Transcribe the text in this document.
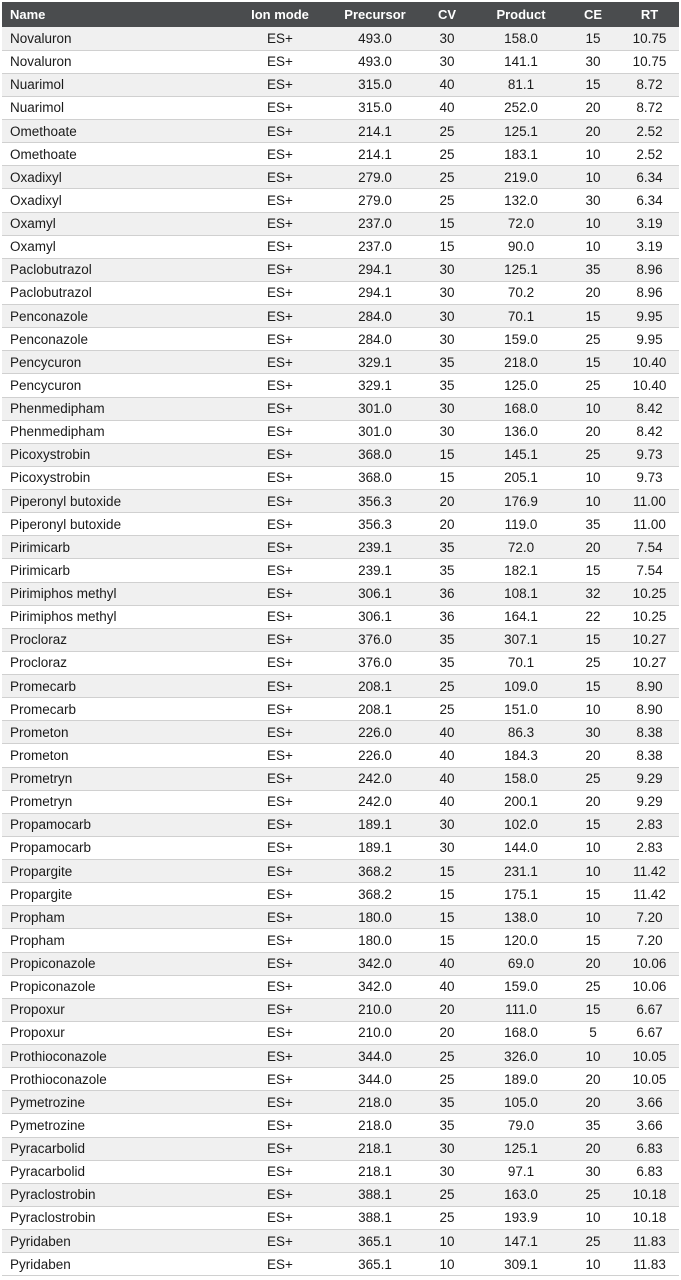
Name	Ion mode	Precursor	CV	Product	CE	RT
Novaluron	ES+	493.0	30	158.0	15	10.75
Novaluron	ES+	493.0	30	141.1	30	10.75
Nuarimol	ES+	315.0	40	81.1	15	8.72
Nuarimol	ES+	315.0	40	252.0	20	8.72
Omethoate	ES+	214.1	25	125.1	20	2.52
Omethoate	ES+	214.1	25	183.1	10	2.52
Oxadixyl	ES+	279.0	25	219.0	10	6.34
Oxadixyl	ES+	279.0	25	132.0	30	6.34
Oxamyl	ES+	237.0	15	72.0	10	3.19
Oxamyl	ES+	237.0	15	90.0	10	3.19
Paclobutrazol	ES+	294.1	30	125.1	35	8.96
Paclobutrazol	ES+	294.1	30	70.2	20	8.96
Penconazole	ES+	284.0	30	70.1	15	9.95
Penconazole	ES+	284.0	30	159.0	25	9.95
Pencycuron	ES+	329.1	35	218.0	15	10.40
Pencycuron	ES+	329.1	35	125.0	25	10.40
Phenmedipham	ES+	301.0	30	168.0	10	8.42
Phenmedipham	ES+	301.0	30	136.0	20	8.42
Picoxystrobin	ES+	368.0	15	145.1	25	9.73
Picoxystrobin	ES+	368.0	15	205.1	10	9.73
Piperonyl butoxide	ES+	356.3	20	176.9	10	11.00
Piperonyl butoxide	ES+	356.3	20	119.0	35	11.00
Pirimicarb	ES+	239.1	35	72.0	20	7.54
Pirimicarb	ES+	239.1	35	182.1	15	7.54
Pirimiphos methyl	ES+	306.1	36	108.1	32	10.25
Pirimiphos methyl	ES+	306.1	36	164.1	22	10.25
Procloraz	ES+	376.0	35	307.1	15	10.27
Procloraz	ES+	376.0	35	70.1	25	10.27
Promecarb	ES+	208.1	25	109.0	15	8.90
Promecarb	ES+	208.1	25	151.0	10	8.90
Prometon	ES+	226.0	40	86.3	30	8.38
Prometon	ES+	226.0	40	184.3	20	8.38
Prometryn	ES+	242.0	40	158.0	25	9.29
Prometryn	ES+	242.0	40	200.1	20	9.29
Propamocarb	ES+	189.1	30	102.0	15	2.83
Propamocarb	ES+	189.1	30	144.0	10	2.83
Propargite	ES+	368.2	15	231.1	10	11.42
Propargite	ES+	368.2	15	175.1	15	11.42
Propham	ES+	180.0	15	138.0	10	7.20
Propham	ES+	180.0	15	120.0	15	7.20
Propiconazole	ES+	342.0	40	69.0	20	10.06
Propiconazole	ES+	342.0	40	159.0	25	10.06
Propoxur	ES+	210.0	20	111.0	15	6.67
Propoxur	ES+	210.0	20	168.0	5	6.67
Prothioconazole	ES+	344.0	25	326.0	10	10.05
Prothioconazole	ES+	344.0	25	189.0	20	10.05
Pymetrozine	ES+	218.0	35	105.0	20	3.66
Pymetrozine	ES+	218.0	35	79.0	35	3.66
Pyracarbolid	ES+	218.1	30	125.1	20	6.83
Pyracarbolid	ES+	218.1	30	97.1	30	6.83
Pyraclostrobin	ES+	388.1	25	163.0	25	10.18
Pyraclostrobin	ES+	388.1	25	193.9	10	10.18
Pyridaben	ES+	365.1	10	147.1	25	11.83
Pyridaben	ES+	365.1	10	309.1	10	11.83
